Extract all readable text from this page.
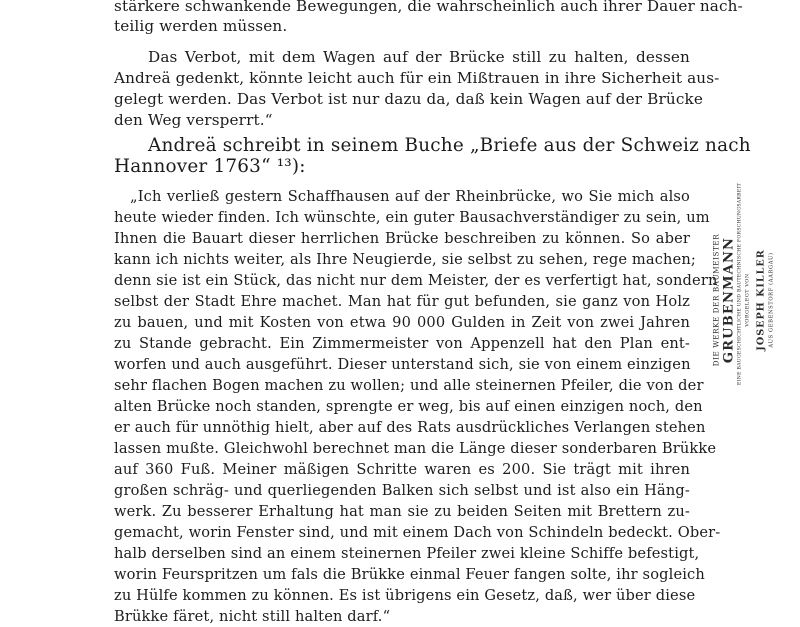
stärkere schwankende Bewegungen, die wahrscheinlich auch ihrer Dauer nach-

teilig werden müssen.

Das Verbot, mit dem Wagen auf der Brücke still zu halten, dessen

Andreä gedenkt, könnte leicht auch für ein Mißtrauen in ihre Sicherheit aus-

gelegt werden. Das Verbot ist nur dazu da, daß kein Wagen auf der Brücke

den Weg versperrt.“

Andreä schreibt in seinem Buche „Briefe aus der Schweiz nach

Hannover 1763“ ¹³):

„Ich verließ gestern Schaffhausen auf der Rheinbrücke, wo Sie mich also

heute wieder finden. Ich wünschte, ein guter Bausachverständiger zu sein, um

Ihnen die Bauart dieser herrlichen Brücke beschreiben zu können. So aber

kann ich nichts weiter, als Ihre Neugierde, sie selbst zu sehen, rege machen;

denn sie ist ein Stück, das nicht nur dem Meister, der es verfertigt hat, sondern

selbst der Stadt Ehre machet. Man hat für gut befunden, sie ganz von Holz

zu bauen, und mit Kosten von etwa 90 000 Gulden in Zeit von zwei Jahren

zu Stande gebracht. Ein Zimmermeister von Appenzell hat den Plan ent-

worfen und auch ausgeführt. Dieser unterstand sich, sie von einem einzigen

sehr flachen Bogen machen zu wollen; und alle steinernen Pfeiler, die von der

alten Brücke noch standen, sprengte er weg, bis auf einen einzigen noch, den

er auch für unnöthig hielt, aber auf des Rats ausdrückliches Verlangen stehen

lassen mußte. Gleichwohl berechnet man die Länge dieser sonderbaren Brükke

auf 360 Fuß. Meiner mäßigen Schritte waren es 200. Sie trägt mit ihren

großen schräg- und querliegenden Balken sich selbst und ist also ein Häng-

werk. Zu besserer Erhaltung hat man sie zu beiden Seiten mit Brettern zu-

gemacht, worin Fenster sind, und mit einem Dach von Schindeln bedeckt. Ober-

halb derselben sind an einem steinernen Pfeiler zwei kleine Schiffe befestigt,

worin Feurspritzen um fals die Brükke einmal Feuer fangen solte, ihr sogleich

zu Hülfe kommen zu können. Es ist übrigens ein Gesetz, daß, wer über diese

Brükke färet, nicht still halten darf.“

DIE WERKE DER BAUMEISTER GRUBENMANN EINE BAUGESCHICHTLICHE UND BAUTECHNISCHE FORSCHUNGSARBEIT VORGELEGT VON JOSEPH KILLER AUS GEBENSTORF (AARGAU)
